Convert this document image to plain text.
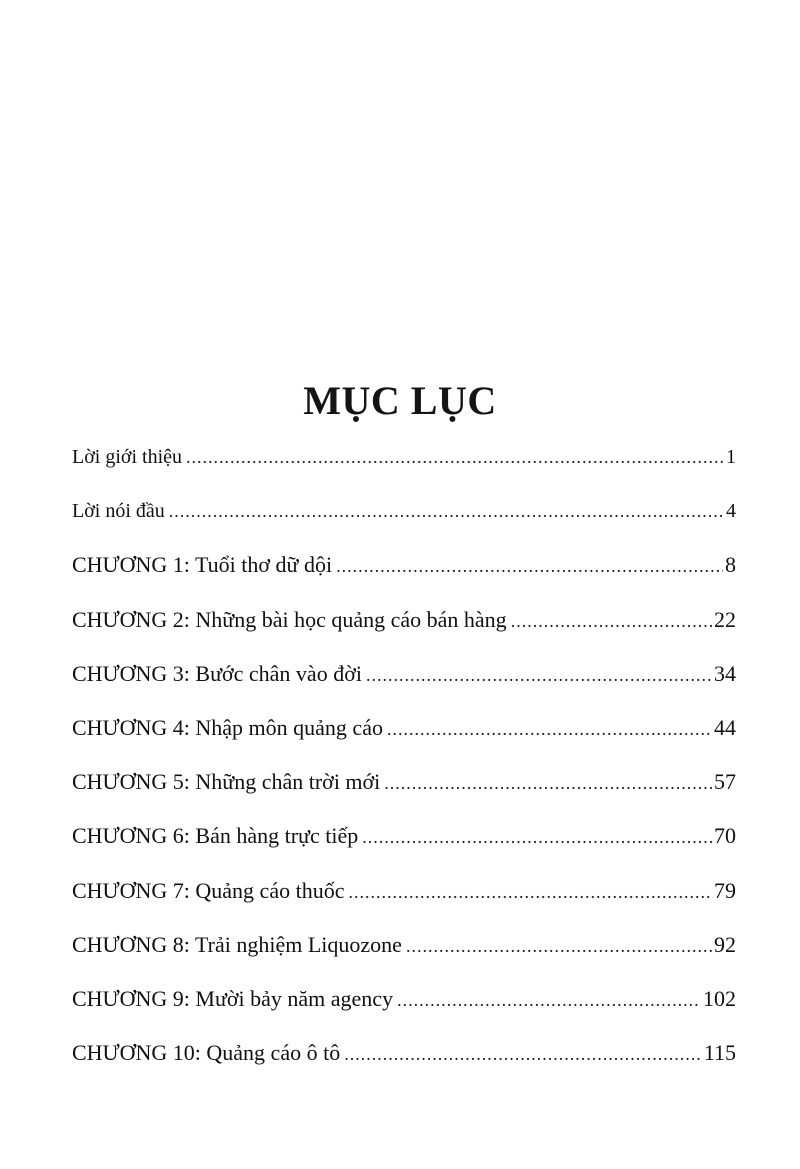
MỤC LỤC
Lời giới thiệu .....	1
Lời nói đầu .....	4
CHƯƠNG 1: Tuổi thơ dữ dội .....	8
CHƯƠNG 2: Những bài học quảng cáo bán hàng .....	22
CHƯƠNG 3: Bước chân vào đời .....	34
CHƯƠNG 4: Nhập môn quảng cáo .....	44
CHƯƠNG 5: Những chân trời mới .....	57
CHƯƠNG 6: Bán hàng trực tiếp .....	70
CHƯƠNG 7: Quảng cáo thuốc .....	79
CHƯƠNG 8: Trải nghiệm Liquozone .....	92
CHƯƠNG 9: Mười bảy năm agency .....	102
CHƯƠNG 10: Quảng cáo ô tô .....	115
